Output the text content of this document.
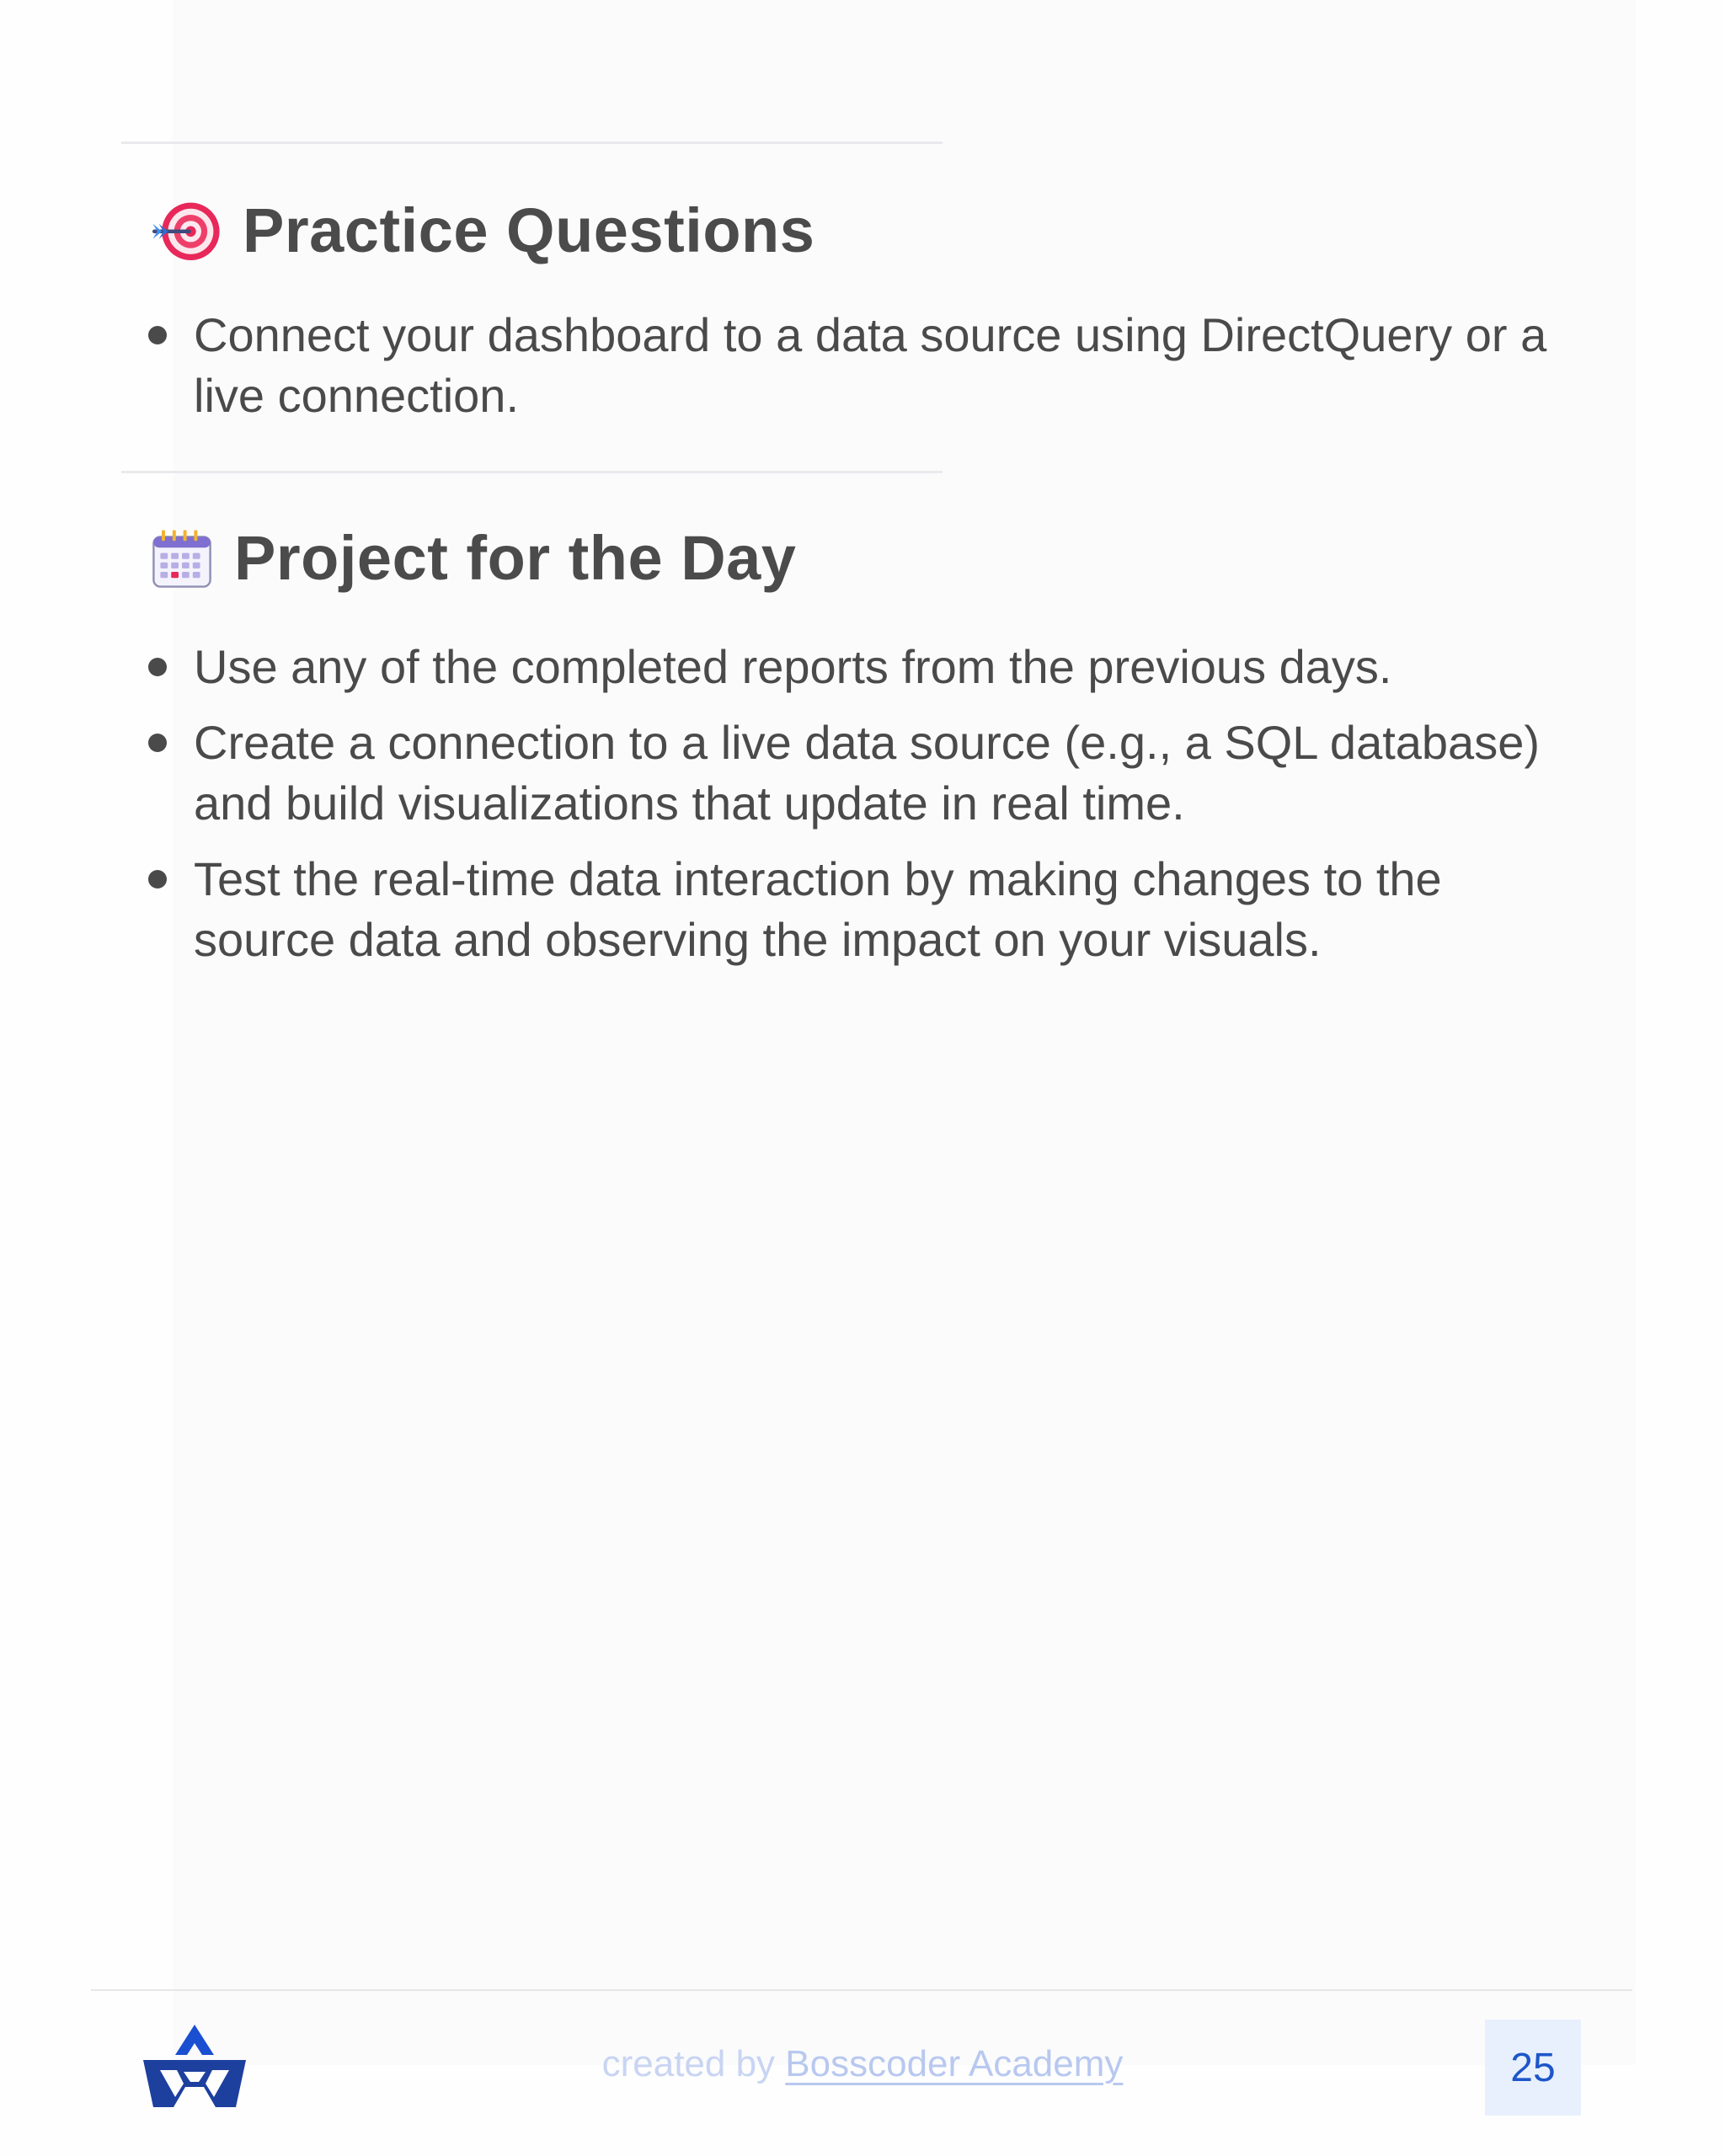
Practice Questions
Connect your dashboard to a data source using DirectQuery or a live connection.
Project for the Day
Use any of the completed reports from the previous days.
Create a connection to a live data source (e.g., a SQL database) and build visualizations that update in real time.
Test the real-time data interaction by making changes to the source data and observing the impact on your visuals.
created by Bosscoder Academy	25
